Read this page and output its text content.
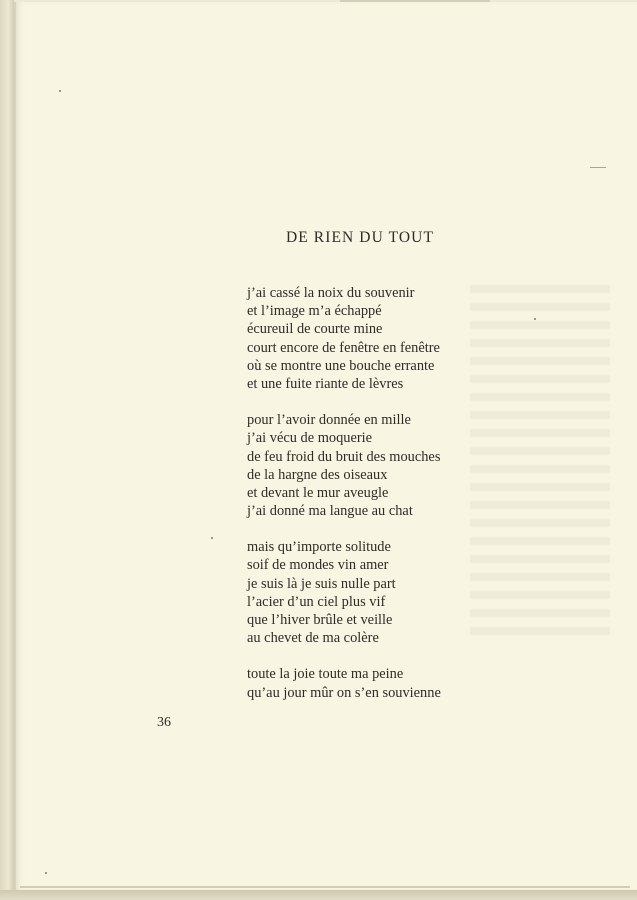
DE RIEN DU TOUT
j’ai cassé la noix du souvenir
et l’image m’a échappé
écureuil de courte mine
court encore de fenêtre en fenêtre
où se montre une bouche errante
et une fuite riante de lèvres
pour l’avoir donnée en mille
j’ai vécu de moquerie
de feu froid du bruit des mouches
de la hargne des oiseaux
et devant le mur aveugle
j’ai donné ma langue au chat
mais qu’importe solitude
soif de mondes vin amer
je suis là je suis nulle part
l’acier d’un ciel plus vif
que l’hiver brûle et veille
au chevet de ma colère
toute la joie toute ma peine
qu’au jour mûr on s’en souvienne
36
